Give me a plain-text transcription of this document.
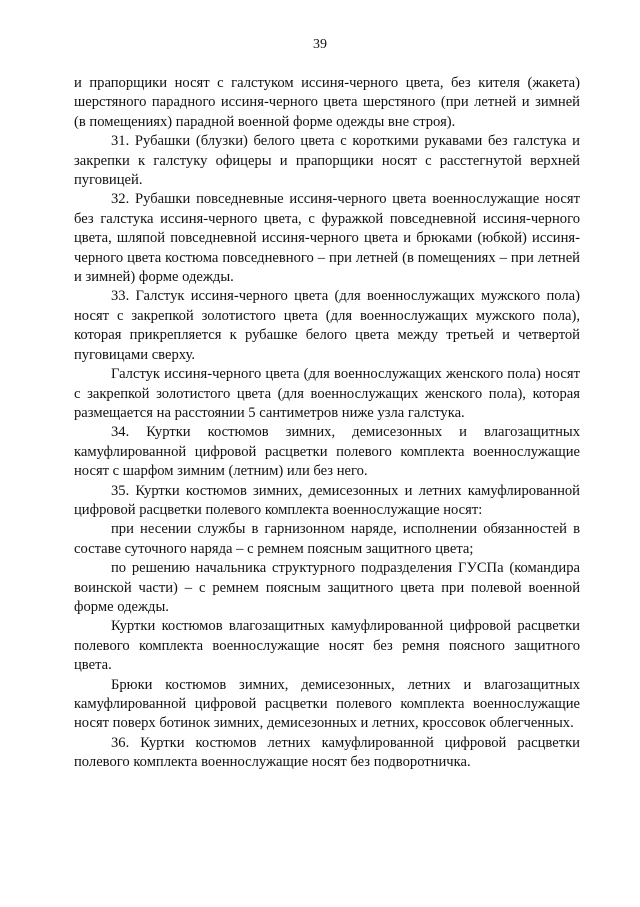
39

и прапорщики носят с галстуком иссиня-черного цвета, без кителя (жакета) шерстяного парадного иссиня-черного цвета шерстяного (при летней и зимней (в помещениях) парадной военной форме одежды вне строя).

31. Рубашки (блузки) белого цвета с короткими рукавами без галстука и закрепки к галстуку офицеры и прапорщики носят с расстегнутой верхней пуговицей.

32. Рубашки повседневные иссиня-черного цвета военнослужащие носят без галстука иссиня-черного цвета, с фуражкой повседневной иссиня-черного цвета, шляпой повседневной иссиня-черного цвета и брюками (юбкой) иссиня-черного цвета костюма повседневного – при летней (в помещениях – при летней и зимней) форме одежды.

33. Галстук иссиня-черного цвета (для военнослужащих мужского пола) носят с закрепкой золотистого цвета (для военнослужащих мужского пола), которая прикрепляется к рубашке белого цвета между третьей и четвертой пуговицами сверху.

Галстук иссиня-черного цвета (для военнослужащих женского пола) носят с закрепкой золотистого цвета (для военнослужащих женского пола), которая размещается на расстоянии 5 сантиметров ниже узла галстука.

34. Куртки костюмов зимних, демисезонных и влагозащитных камуфлированной цифровой расцветки полевого комплекта военнослужащие носят с шарфом зимним (летним) или без него.

35. Куртки костюмов зимних, демисезонных и летних камуфлированной цифровой расцветки полевого комплекта военнослужащие носят:

при несении службы в гарнизонном наряде, исполнении обязанностей в составе суточного наряда – с ремнем поясным защитного цвета;

по решению начальника структурного подразделения ГУСПа (командира воинской части) – с ремнем поясным защитного цвета при полевой военной форме одежды.

Куртки костюмов влагозащитных камуфлированной цифровой расцветки полевого комплекта военнослужащие носят без ремня поясного защитного цвета.

Брюки костюмов зимних, демисезонных, летних и влагозащитных камуфлированной цифровой расцветки полевого комплекта военнослужащие носят поверх ботинок зимних, демисезонных и летних, кроссовок облегченных.

36. Куртки костюмов летних камуфлированной цифровой расцветки полевого комплекта военнослужащие носят без подворотничка.
